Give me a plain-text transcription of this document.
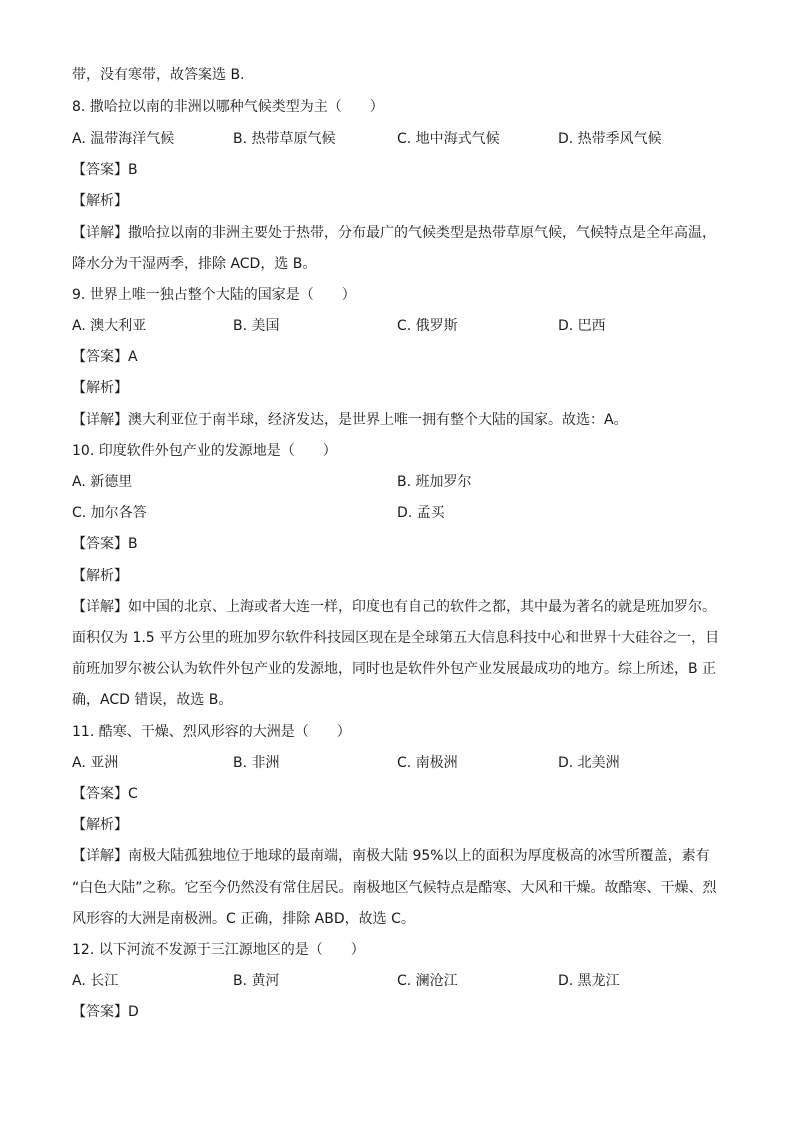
带，没有寒带，故答案选 B.
8. 撒哈拉以南的非洲以哪种气候类型为主（　　）
A. 温带海洋气候	B. 热带草原气候	C. 地中海式气候	D. 热带季风气候
【答案】B
【解析】
【详解】撒哈拉以南的非洲主要处于热带，分布最广的气候类型是热带草原气候，气候特点是全年高温，
降水分为干湿两季，排除 ACD，选 B。
9. 世界上唯一独占整个大陆的国家是（　　）
A. 澳大利亚	B. 美国	C. 俄罗斯	D. 巴西
【答案】A
【解析】
【详解】澳大利亚位于南半球，经济发达，是世界上唯一拥有整个大陆的国家。故选：A。
10. 印度软件外包产业的发源地是（　　）
A. 新德里	B. 班加罗尔
C. 加尔各答	D. 孟买
【答案】B
【解析】
【详解】如中国的北京、上海或者大连一样，印度也有自己的软件之都，其中最为著名的就是班加罗尔。
面积仅为 1.5 平方公里的班加罗尔软件科技园区现在是全球第五大信息科技中心和世界十大硅谷之一，目
前班加罗尔被公认为软件外包产业的发源地，同时也是软件外包产业发展最成功的地方。综上所述，B 正
确，ACD 错误，故选 B。
11. 酷寒、干燥、烈风形容的大洲是（　　）
A. 亚洲	B. 非洲	C. 南极洲	D. 北美洲
【答案】C
【解析】
【详解】南极大陆孤独地位于地球的最南端，南极大陆 95%以上的面积为厚度极高的冰雪所覆盖，素有
“白色大陆”之称。它至今仍然没有常住居民。南极地区气候特点是酷寒、大风和干燥。故酷寒、干燥、烈
风形容的大洲是南极洲。C 正确，排除 ABD，故选 C。
12. 以下河流不发源于三江源地区的是（　　）
A. 长江	B. 黄河	C. 澜沧江	D. 黑龙江
【答案】D
